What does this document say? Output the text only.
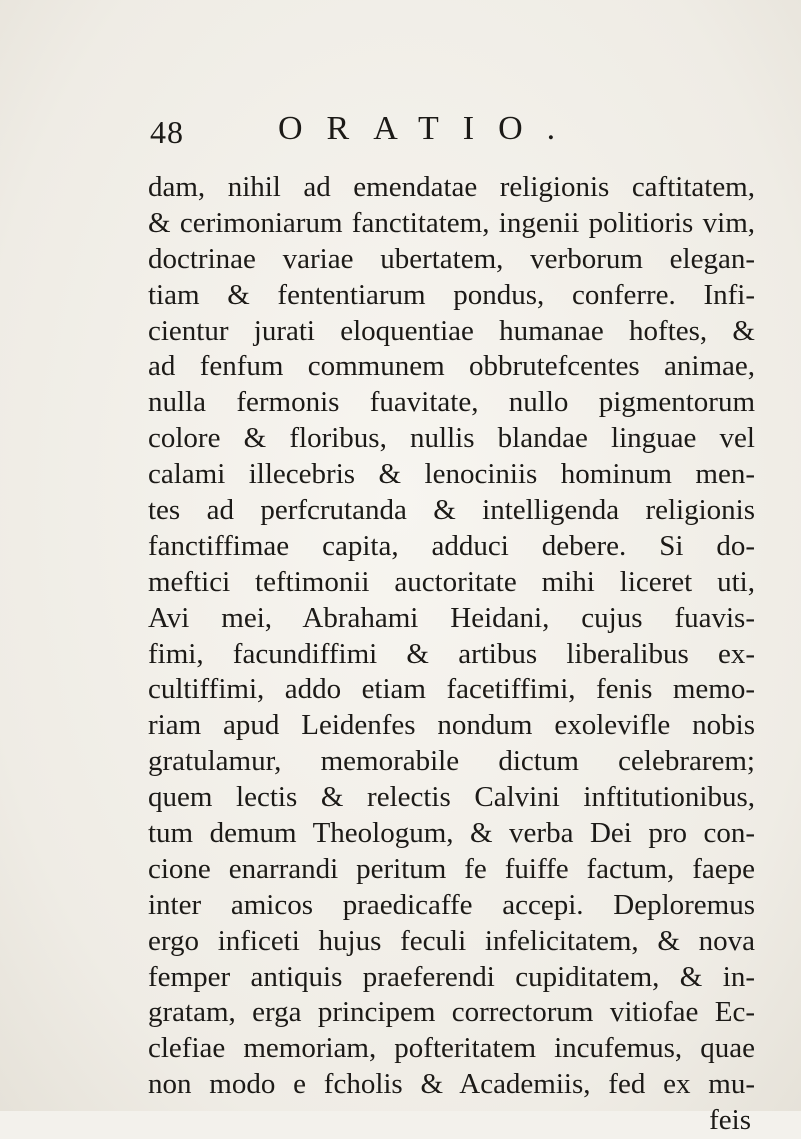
48	ORATIO.
dam, nihil ad emendatae religionis caftitatem,
& cerimoniarum fanctitatem, ingenii politioris vim,
doctrinae variae ubertatem, verborum elegan-
tiam & fententiarum pondus, conferre. Infi-
cientur jurati eloquentiae humanae hoftes, &
ad fenfum communem obbrutefcentes animae,
nulla fermonis fuavitate, nullo pigmentorum
colore & floribus, nullis blandae linguae vel
calami illecebris & lenociniis hominum men-
tes ad perfcrutanda & intelligenda religionis
fanctiffimae capita, adduci debere. Si do-
meftici teftimonii auctoritate mihi liceret uti,
Avi mei, Abrahami Heidani, cujus fuavis-
fimi, facundiffimi & artibus liberalibus ex-
cultiffimi, addo etiam facetiffimi, fenis memo-
riam apud Leidenfes nondum exolevifle nobis
gratulamur, memorabile dictum celebrarem;
quem lectis & relectis Calvini inftitutionibus,
tum demum Theologum, & verba Dei pro con-
cione enarrandi peritum fe fuiffe factum, faepe
inter amicos praedicaffe accepi. Deploremus
ergo inficeti hujus feculi infelicitatem, & nova
femper antiquis praeferendi cupiditatem, & in-
gratam, erga principem correctorum vitiofae Ec-
clefiae memoriam, pofteritatem incufemus, quae
non modo e fcholis & Academiis, fed ex mu-
feis
